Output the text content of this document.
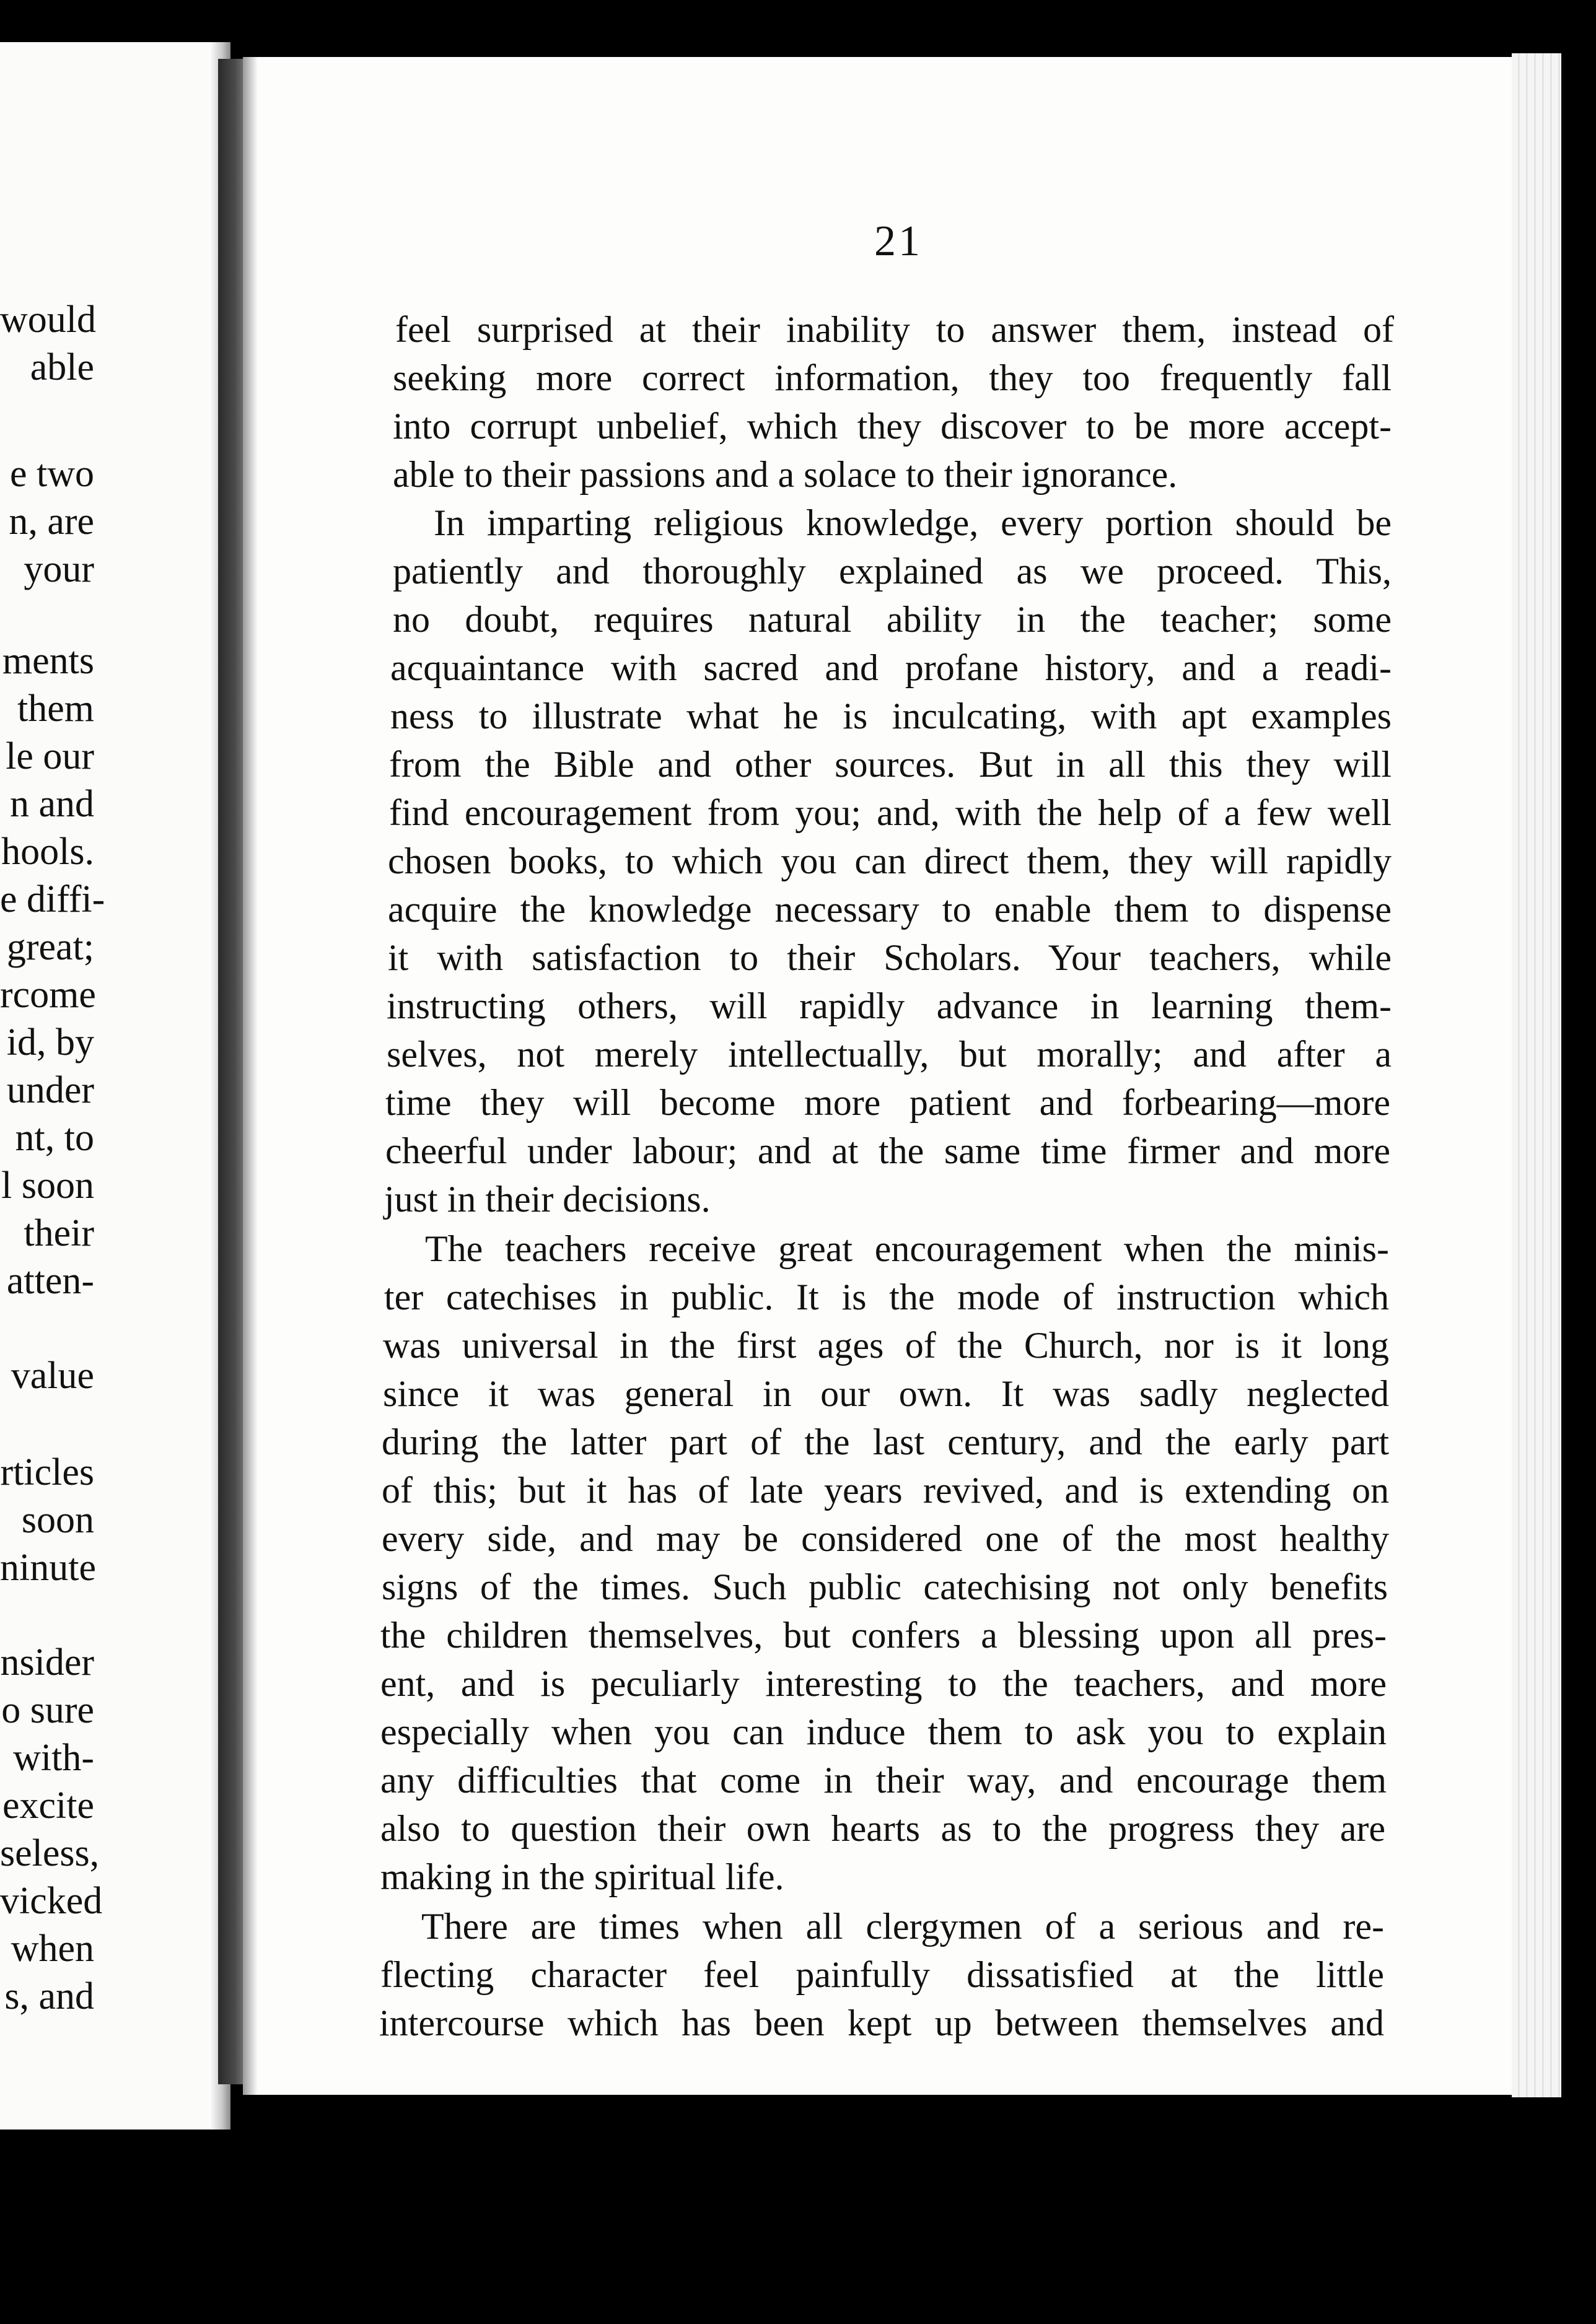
would
able
e two
n, are
your
ments
them
le our
n and
hools.
e diffi-
great;
rcome
id, by
under
nt, to
l soon
their
atten-
value
rticles
soon
ninute
nsider
o sure
with-
excite
seless,
vicked
when
s, and
21
feel surprised at their inability to answer them, instead of
seeking more correct information, they too frequently fall
into corrupt unbelief, which they discover to be more accept-
able to their passions and a solace to their ignorance.
In imparting religious knowledge, every portion should be
patiently and thoroughly explained as we proceed. This,
no doubt, requires natural ability in the teacher; some
acquaintance with sacred and profane history, and a readi-
ness to illustrate what he is inculcating, with apt examples
from the Bible and other sources. But in all this they will
find encouragement from you; and, with the help of a few well
chosen books, to which you can direct them, they will rapidly
acquire the knowledge necessary to enable them to dispense
it with satisfaction to their Scholars. Your teachers, while
instructing others, will rapidly advance in learning them-
selves, not merely intellectually, but morally; and after a
time they will become more patient and forbearing—more
cheerful under labour; and at the same time firmer and more
just in their decisions.
The teachers receive great encouragement when the minis-
ter catechises in public. It is the mode of instruction which
was universal in the first ages of the Church, nor is it long
since it was general in our own. It was sadly neglected
during the latter part of the last century, and the early part
of this; but it has of late years revived, and is extending on
every side, and may be considered one of the most healthy
signs of the times. Such public catechising not only benefits
the children themselves, but confers a blessing upon all pres-
ent, and is peculiarly interesting to the teachers, and more
especially when you can induce them to ask you to explain
any difficulties that come in their way, and encourage them
also to question their own hearts as to the progress they are
making in the spiritual life.
There are times when all clergymen of a serious and re-
flecting character feel painfully dissatisfied at the little
intercourse which has been kept up between themselves and
